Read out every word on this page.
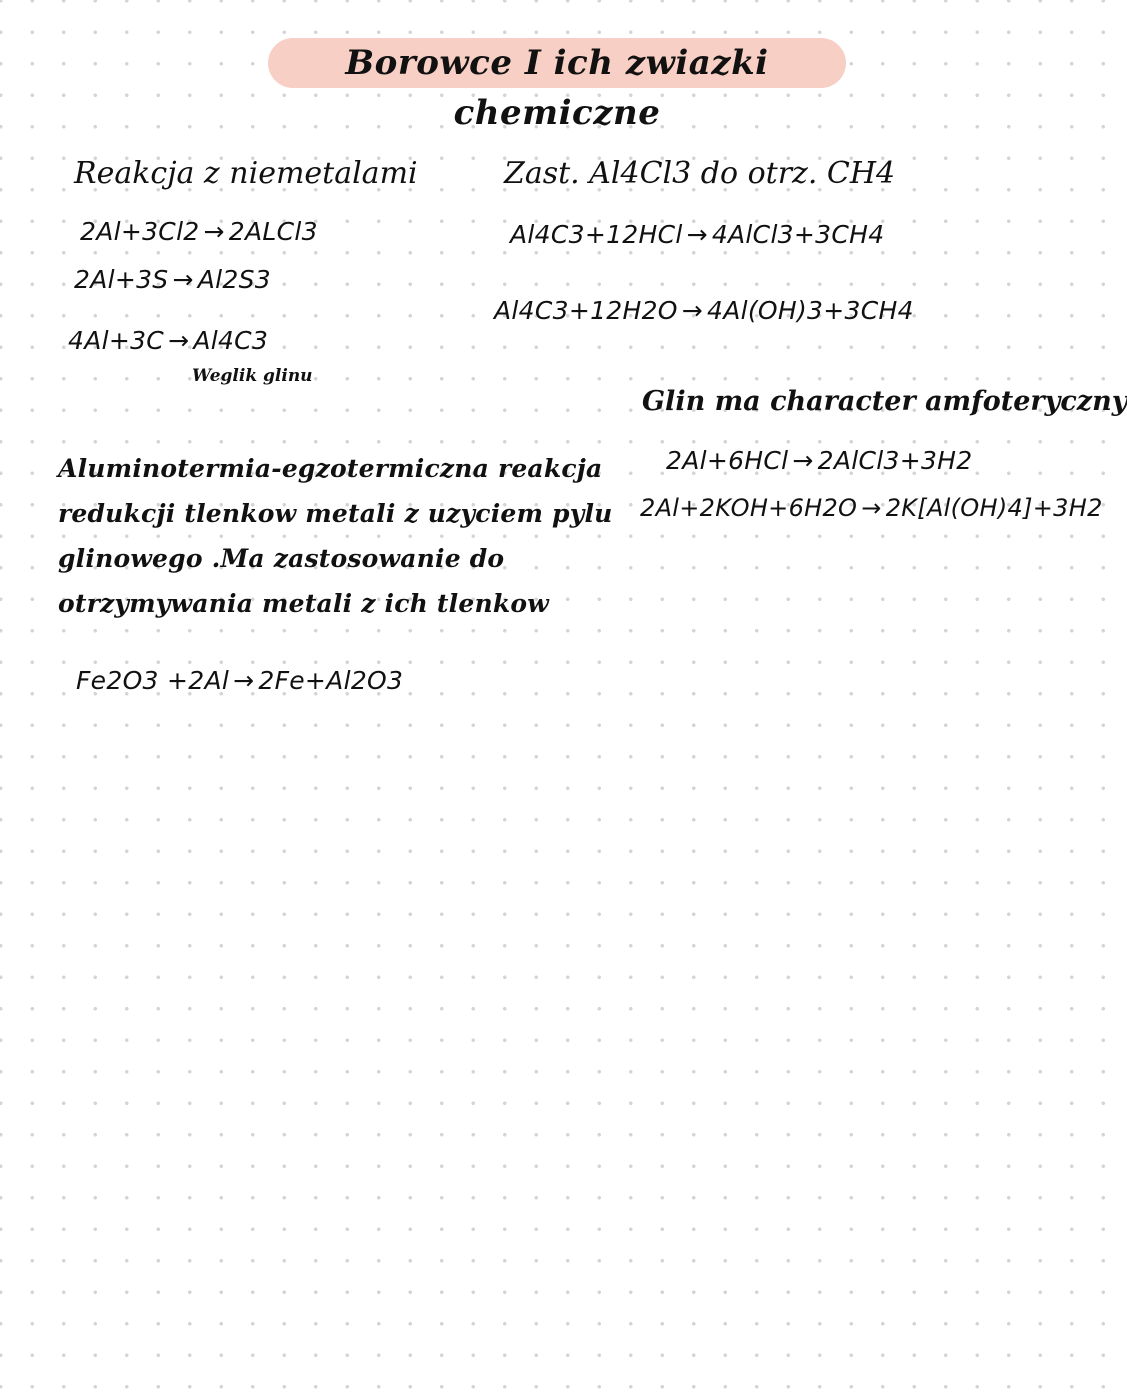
Borowce I ich zwiazki chemiczne
Reakcja z niemetalami
2Al+3Cl2 → 2ALCl3
2Al+3S → Al2S3
4Al+3C → Al4C3
Weglik glinu
Zast. Al4Cl3 do otrz. CH4
Al4C3+12HCl → 4AlCl3+3CH4
Al4C3+12H2O → 4Al(OH)3+3CH4
Glin ma character amfoteryczny
2Al+6HCl → 2AlCl3+3H2
2Al+2KOH+6H2O → 2K[Al(OH)4]+3H2
Aluminotermia-egzotermiczna reakcja redukcji tlenkow metali z uzyciem pylu glinowego .Ma zastosowanie do otrzymywania metali z ich tlenkow
Fe2O3 +2Al → 2Fe+Al2O3
